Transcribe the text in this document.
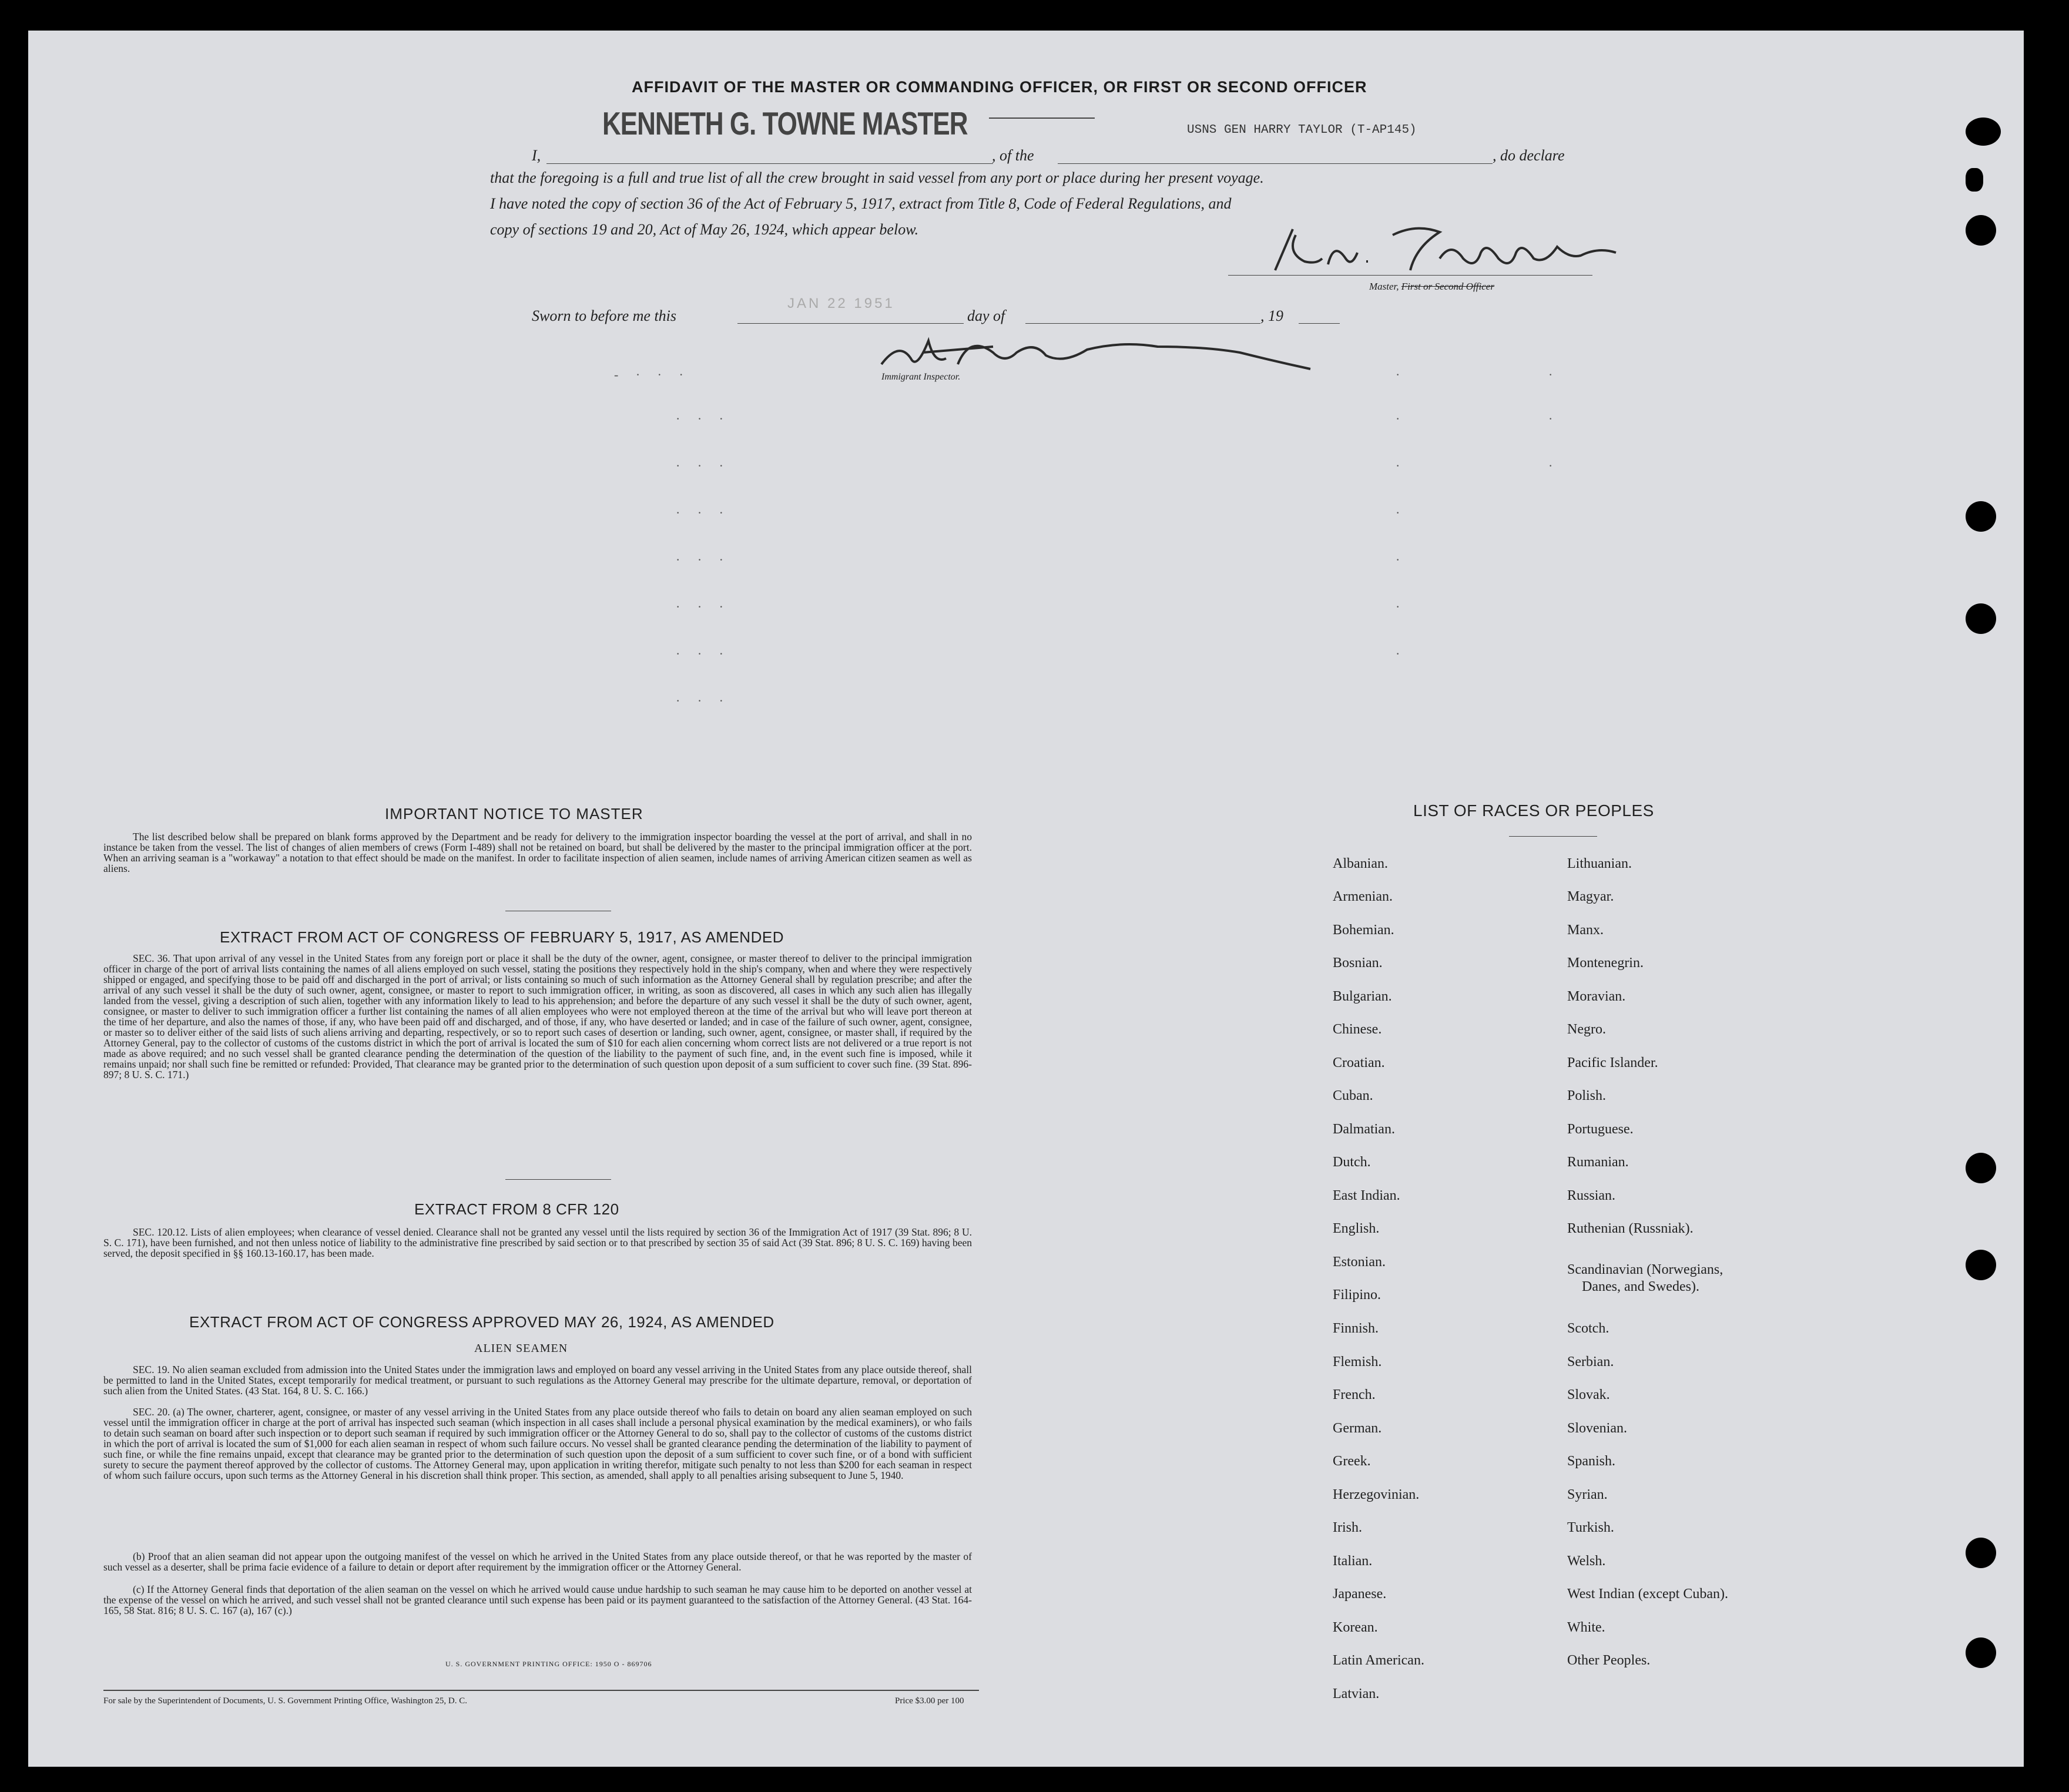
AFFIDAVIT OF THE MASTER OR COMMANDING OFFICER, OR FIRST OR SECOND OFFICER
KENNETH G. TOWNE MASTER	USNS GEN HARRY TAYLOR (T-AP145)
I,	, of the	, do declare
that the foregoing is a full and true list of all the crew brought in said vessel from any port or place during her present voyage.
I have noted the copy of section 36 of the Act of February 5, 1917, extract from Title 8, Code of Federal Regulations, and
copy of sections 19 and 20, Act of May 26, 1924, which appear below.
Master, First or Second Officer
Sworn to before me this
JAN 22 1951
day of	, 19
Immigrant Inspector.
- · · ·
· · ·
· · ·
· · ·
· · ·
· · ·
· · ·
· · ·
·
·
·
·
·
·
·
·
·
·
IMPORTANT NOTICE TO MASTER
The list described below shall be prepared on blank forms approved by the Department and be ready for delivery to the immigration inspector boarding the vessel at the port of arrival, and shall in no instance be taken from the vessel. The list of changes of alien members of crews (Form I-489) shall not be retained on board, but shall be delivered by the master to the principal immigration officer at the port. When an arriving seaman is a "workaway" a notation to that effect should be made on the manifest. In order to facilitate inspection of alien seamen, include names of arriving American citizen seamen as well as aliens.
EXTRACT FROM ACT OF CONGRESS OF FEBRUARY 5, 1917, AS AMENDED
SEC. 36. That upon arrival of any vessel in the United States from any foreign port or place it shall be the duty of the owner, agent, consignee, or master thereof to deliver to the principal immigration officer in charge of the port of arrival lists containing the names of all aliens employed on such vessel, stating the positions they respectively hold in the ship's company, when and where they were respectively shipped or engaged, and specifying those to be paid off and discharged in the port of arrival; or lists containing so much of such information as the Attorney General shall by regulation prescribe; and after the arrival of any such vessel it shall be the duty of such owner, agent, consignee, or master to report to such immigration officer, in writing, as soon as discovered, all cases in which any such alien has illegally landed from the vessel, giving a description of such alien, together with any information likely to lead to his apprehension; and before the departure of any such vessel it shall be the duty of such owner, agent, consignee, or master to deliver to such immigration officer a further list containing the names of all alien employees who were not employed thereon at the time of the arrival but who will leave port thereon at the time of her departure, and also the names of those, if any, who have been paid off and discharged, and of those, if any, who have deserted or landed; and in case of the failure of such owner, agent, consignee, or master so to deliver either of the said lists of such aliens arriving and departing, respectively, or so to report such cases of desertion or landing, such owner, agent, consignee, or master shall, if required by the Attorney General, pay to the collector of customs of the customs district in which the port of arrival is located the sum of $10 for each alien concerning whom correct lists are not delivered or a true report is not made as above required; and no such vessel shall be granted clearance pending the determination of the question of the liability to the payment of such fine, and, in the event such fine is imposed, while it remains unpaid; nor shall such fine be remitted or refunded: Provided, That clearance may be granted prior to the determination of such question upon deposit of a sum sufficient to cover such fine. (39 Stat. 896-897; 8 U. S. C. 171.)
EXTRACT FROM 8 CFR 120
SEC. 120.12. Lists of alien employees; when clearance of vessel denied. Clearance shall not be granted any vessel until the lists required by section 36 of the Immigration Act of 1917 (39 Stat. 896; 8 U. S. C. 171), have been furnished, and not then unless notice of liability to the administrative fine prescribed by said section or to that prescribed by section 35 of said Act (39 Stat. 896; 8 U. S. C. 169) having been served, the deposit specified in §§ 160.13-160.17, has been made.
EXTRACT FROM ACT OF CONGRESS APPROVED MAY 26, 1924, AS AMENDED
ALIEN SEAMEN
SEC. 19. No alien seaman excluded from admission into the United States under the immigration laws and employed on board any vessel arriving in the United States from any place outside thereof, shall be permitted to land in the United States, except temporarily for medical treatment, or pursuant to such regulations as the Attorney General may prescribe for the ultimate departure, removal, or deportation of such alien from the United States. (43 Stat. 164, 8 U. S. C. 166.)
SEC. 20. (a) The owner, charterer, agent, consignee, or master of any vessel arriving in the United States from any place outside thereof who fails to detain on board any alien seaman employed on such vessel until the immigration officer in charge at the port of arrival has inspected such seaman (which inspection in all cases shall include a personal physical examination by the medical examiners), or who fails to detain such seaman on board after such inspection or to deport such seaman if required by such immigration officer or the Attorney General to do so, shall pay to the collector of customs of the customs district in which the port of arrival is located the sum of $1,000 for each alien seaman in respect of whom such failure occurs. No vessel shall be granted clearance pending the determination of the liability to payment of such fine, or while the fine remains unpaid, except that clearance may be granted prior to the determination of such question upon the deposit of a sum sufficient to cover such fine, or of a bond with sufficient surety to secure the payment thereof approved by the collector of customs. The Attorney General may, upon application in writing therefor, mitigate such penalty to not less than $200 for each seaman in respect of whom such failure occurs, upon such terms as the Attorney General in his discretion shall think proper. This section, as amended, shall apply to all penalties arising subsequent to June 5, 1940.
(b) Proof that an alien seaman did not appear upon the outgoing manifest of the vessel on which he arrived in the United States from any place outside thereof, or that he was reported by the master of such vessel as a deserter, shall be prima facie evidence of a failure to detain or deport after requirement by the immigration officer or the Attorney General.
(c) If the Attorney General finds that deportation of the alien seaman on the vessel on which he arrived would cause undue hardship to such seaman he may cause him to be deported on another vessel at the expense of the vessel on which he arrived, and such vessel shall not be granted clearance until such expense has been paid or its payment guaranteed to the satisfaction of the Attorney General. (43 Stat. 164-165, 58 Stat. 816; 8 U. S. C. 167 (a), 167 (c).)
U. S. GOVERNMENT PRINTING OFFICE: 1950 O - 869706
For sale by the Superintendent of Documents, U. S. Government Printing Office, Washington 25, D. C.	Price $3.00 per 100
LIST OF RACES OR PEOPLES
Albanian.
Armenian.
Bohemian.
Bosnian.
Bulgarian.
Chinese.
Croatian.
Cuban.
Dalmatian.
Dutch.
East Indian.
English.
Estonian.
Filipino.
Finnish.
Flemish.
French.
German.
Greek.
Herzegovinian.
Irish.
Italian.
Japanese.
Korean.
Latin American.
Latvian.
Lithuanian.
Magyar.
Manx.
Montenegrin.
Moravian.
Negro.
Pacific Islander.
Polish.
Portuguese.
Rumanian.
Russian.
Ruthenian (Russniak).
Scandinavian (Norwegians,
Danes, and Swedes).
Scotch.
Serbian.
Slovak.
Slovenian.
Spanish.
Syrian.
Turkish.
Welsh.
West Indian (except Cuban).
White.
Other Peoples.
